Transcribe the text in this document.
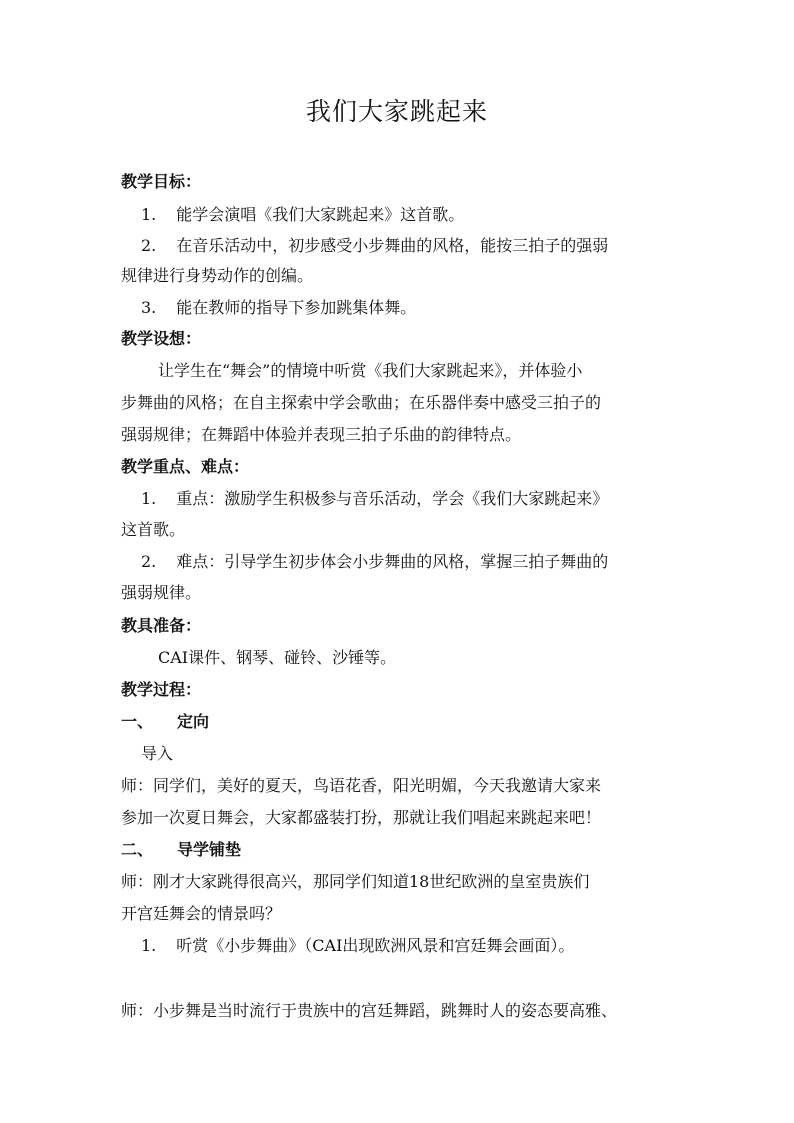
我们大家跳起来
教学目标：
1. 能学会演唱《我们大家跳起来》这首歌。
2. 在音乐活动中，初步感受小步舞曲的风格，能按三拍子的强弱
规律进行身势动作的创编。
3. 能在教师的指导下参加跳集体舞。
教学设想：
让学生在“舞会”的情境中听赏《我们大家跳起来》，并体验小
步舞曲的风格；在自主探索中学会歌曲；在乐器伴奏中感受三拍子的
强弱规律；在舞蹈中体验并表现三拍子乐曲的韵律特点。
教学重点、难点：
1. 重点：激励学生积极参与音乐活动，学会《我们大家跳起来》
这首歌。
2. 难点：引导学生初步体会小步舞曲的风格，掌握三拍子舞曲的
强弱规律。
教具准备：
CAI课件、钢琴、碰铃、沙锤等。
教学过程：
一、 定向
导入
师：同学们，美好的夏天，鸟语花香，阳光明媚，今天我邀请大家来
参加一次夏日舞会，大家都盛装打扮，那就让我们唱起来跳起来吧！
二、 导学铺垫
师：刚才大家跳得很高兴，那同学们知道18世纪欧洲的皇室贵族们
开宫廷舞会的情景吗？
1. 听赏《小步舞曲》（CAI出现欧洲风景和宫廷舞会画面）。
师：小步舞是当时流行于贵族中的宫廷舞蹈，跳舞时人的姿态要高雅、
